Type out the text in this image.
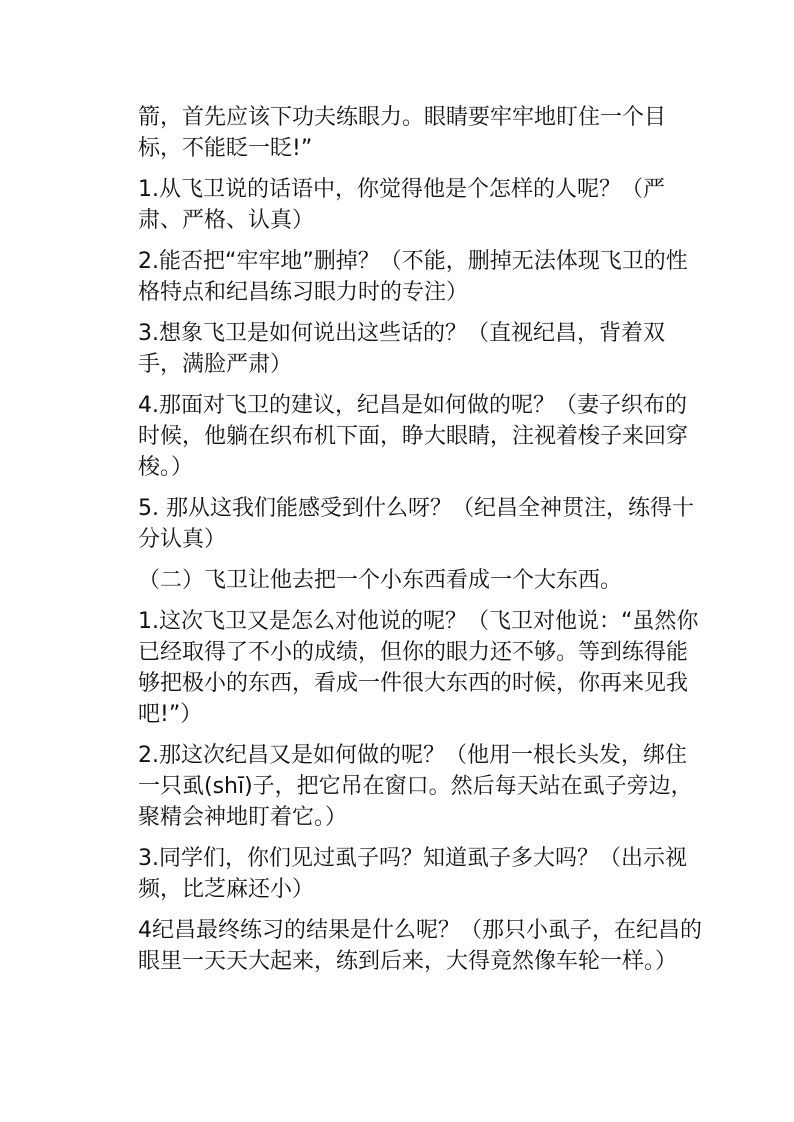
箭，首先应该下功夫练眼力。眼睛要牢牢地盯住一个目标，不能眨一眨!”

1.从飞卫说的话语中，你觉得他是个怎样的人呢？（严肃、严格、认真）

2.能否把“牢牢地”删掉？（不能，删掉无法体现飞卫的性格特点和纪昌练习眼力时的专注）

3.想象飞卫是如何说出这些话的？（直视纪昌，背着双手，满脸严肃）

4.那面对飞卫的建议，纪昌是如何做的呢？（妻子织布的时候，他躺在织布机下面，睁大眼睛，注视着梭子来回穿梭。）

5. 那从这我们能感受到什么呀？（纪昌全神贯注，练得十分认真）

（二）飞卫让他去把一个小东西看成一个大东西。

1.这次飞卫又是怎么对他说的呢？（飞卫对他说：“虽然你已经取得了不小的成绩，但你的眼力还不够。等到练得能够把极小的东西，看成一件很大东西的时候，你再来见我吧!”）

2.那这次纪昌又是如何做的呢？（他用一根长头发，绑住一只虱(shī)子，把它吊在窗口。然后每天站在虱子旁边，聚精会神地盯着它。）

3.同学们，你们见过虱子吗？知道虱子多大吗？（出示视频，比芝麻还小）

4纪昌最终练习的结果是什么呢？（那只小虱子，在纪昌的眼里一天天大起来，练到后来，大得竟然像车轮一样。）
